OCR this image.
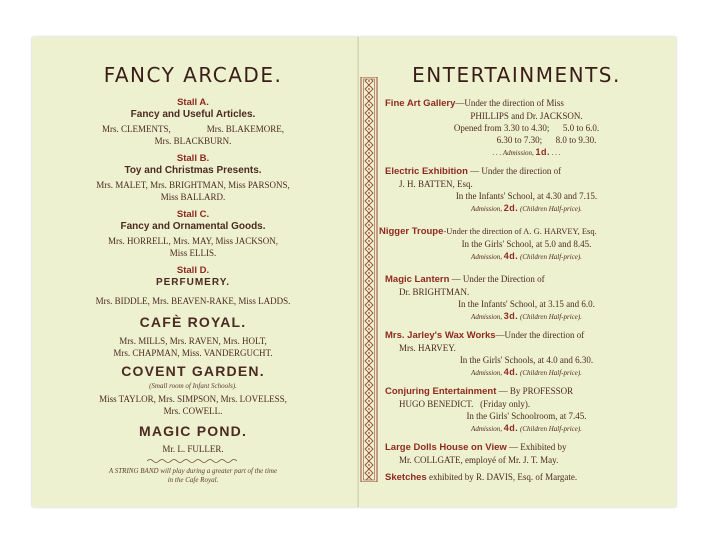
FANCY ARCADE.
Stall A.
Fancy and Useful Articles.
Mrs. CLEMENTS,                Mrs. BLAKEMORE,
Mrs. BLACKBURN.
Stall B.
Toy and Christmas Presents.
Mrs. MALET, Mrs. BRIGHTMAN, Miss PARSONS,
Miss BALLARD.
Stall C.
Fancy and Ornamental Goods.
Mrs. HORRELL, Mrs. MAY, Miss JACKSON,
Miss ELLIS.
Stall D.
PERFUMERY.
Mrs. BIDDLE, Mrs. BEAVEN-RAKE, Miss LADDS.
CAFÈ ROYAL.
Mrs. MILLS, Mrs. RAVEN, Mrs. HOLT,
Mrs. CHAPMAN, Miss. VANDERGUCHT.
COVENT GARDEN.
(Small room of Infant Schools).
Miss TAYLOR, Mrs. SIMPSON, Mrs. LOVELESS,
Mrs. COWELL.
MAGIC POND.
Mr. L. FULLER.
A STRING BAND will play during a greater part of the time
in the Cafe Royal.
ENTERTAINMENTS.
Fine Art Gallery—Under the direction of Miss
PHILLIPS and Dr. JACKSON.
Opened from 3.30 to 4.30;      5.0 to 6.0.
6.30 to 7.30;      8.0 to 9.30.
. . . Admission, 1d. . . .
Electric Exhibition — Under the direction of
J. H. BATTEN, Esq.
In the Infants' School, at 4.30 and 7.15.
Admission, 2d. (Children Half-price).
Nigger Troupe-Under the direction of A. G. HARVEY, Esq.
In the Girls' School, at 5.0 and 8.45.
Admission, 4d. (Children Half-price).
Magic Lantern — Under the Direction of
Dr. BRIGHTMAN.
In the Infants' School, at 3.15 and 6.0.
Admission, 3d. (Children Half-price).
Mrs. Jarley's Wax Works—Under the direction of
Mrs. HARVEY.
In the Girls' Schools, at 4.0 and 6.30.
Admission, 4d. (Children Half-price).
Conjuring Entertainment — By PROFESSOR
HUGO BENEDICT.   (Friday only).
In the Girls' Schoolroom, at 7.45.
Admission, 4d. (Children Half-price).
Large Dolls House on View — Exhibited by
Mr. COLLGATE, employé of Mr. J. T. May.
Sketches exhibited by R. DAVIS, Esq. of Margate.
